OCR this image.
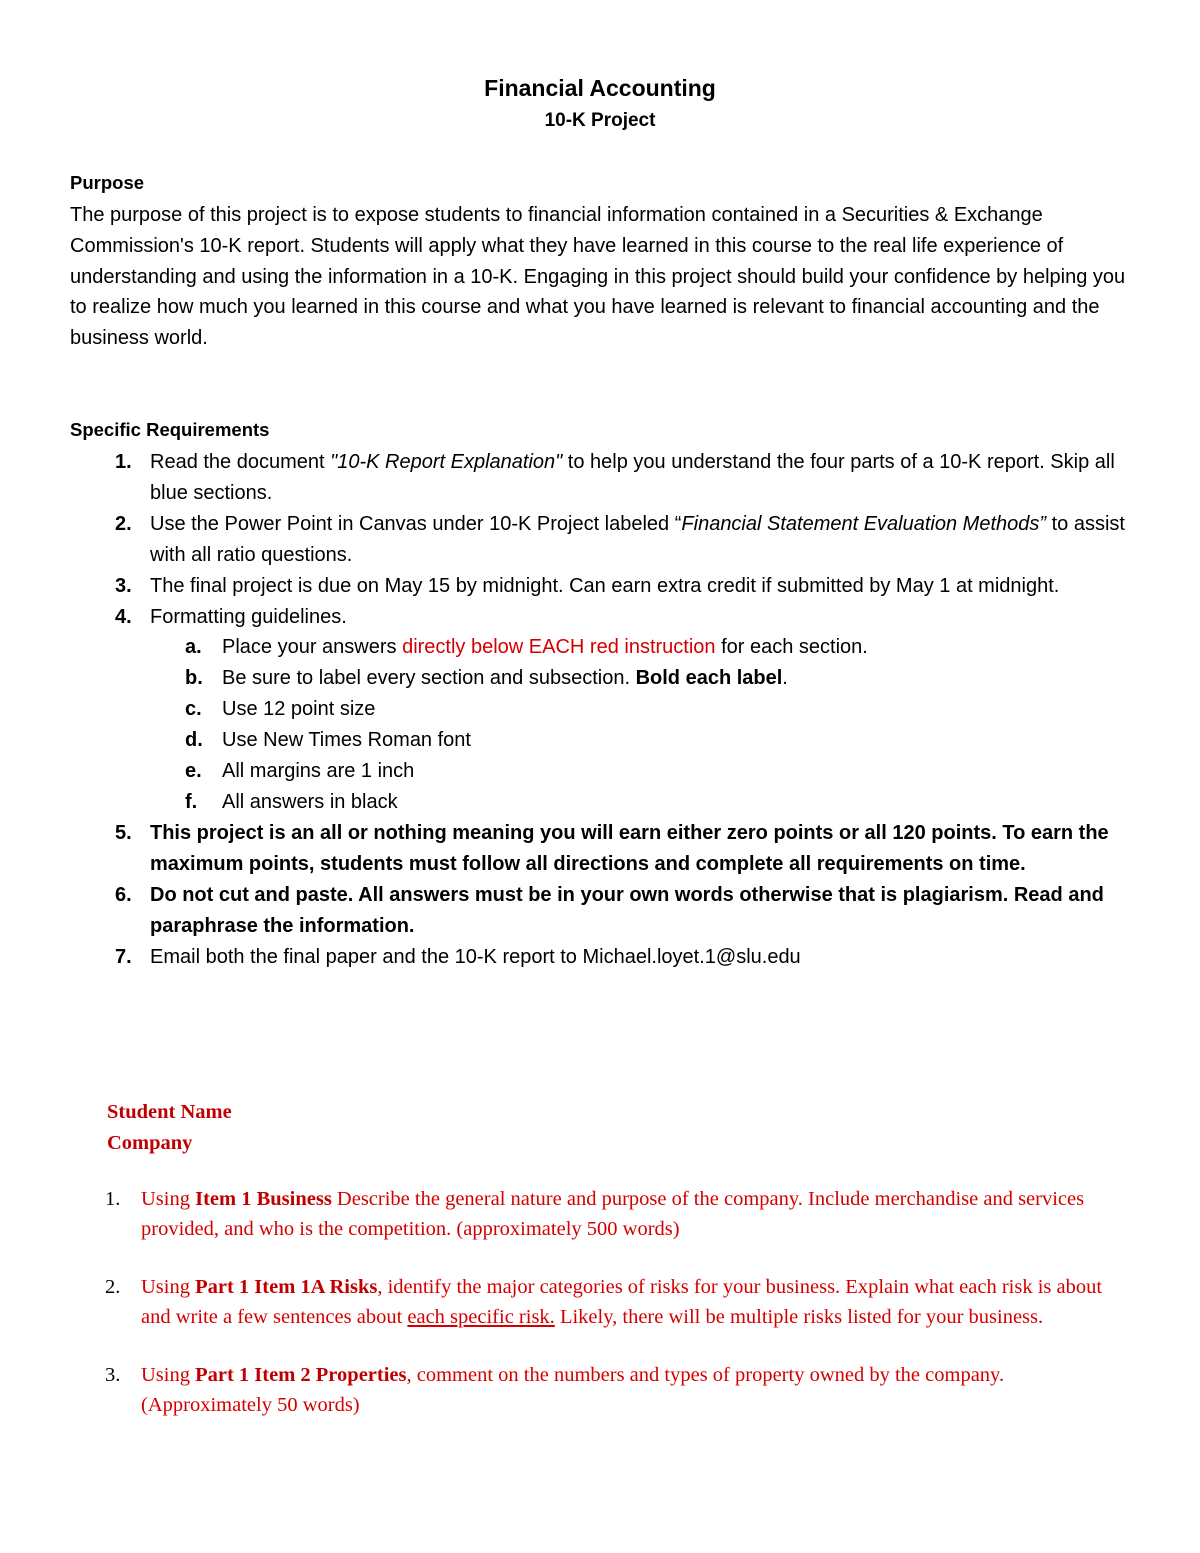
Financial Accounting
10-K Project
Purpose
The purpose of this project is to expose students to financial information contained in a Securities & Exchange Commission's 10-K report. Students will apply what they have learned in this course to the real life experience of understanding and using the information in a 10-K. Engaging in this project should build your confidence by helping you to realize how much you learned in this course and what you have learned is relevant to financial accounting and the business world.
Specific Requirements
1. Read the document "10-K Report Explanation" to help you understand the four parts of a 10-K report. Skip all blue sections.
2. Use the Power Point in Canvas under 10-K Project labeled “Financial Statement Evaluation Methods” to assist with all ratio questions.
3. The final project is due on May 15 by midnight. Can earn extra credit if submitted by May 1 at midnight.
4. Formatting guidelines.
a. Place your answers directly below EACH red instruction for each section.
b. Be sure to label every section and subsection. Bold each label.
c. Use 12 point size
d. Use New Times Roman font
e. All margins are 1 inch
f. All answers in black
5. This project is an all or nothing meaning you will earn either zero points or all 120 points. To earn the maximum points, students must follow all directions and complete all requirements on time.
6. Do not cut and paste. All answers must be in your own words otherwise that is plagiarism. Read and paraphrase the information.
7. Email both the final paper and the 10-K report to Michael.loyet.1@slu.edu
Student Name
Company
1. Using Item 1 Business Describe the general nature and purpose of the company. Include merchandise and services provided, and who is the competition. (approximately 500 words)
2. Using Part 1 Item 1A Risks, identify the major categories of risks for your business. Explain what each risk is about and write a few sentences about each specific risk. Likely, there will be multiple risks listed for your business.
3. Using Part 1 Item 2 Properties, comment on the numbers and types of property owned by the company. (Approximately 50 words)
